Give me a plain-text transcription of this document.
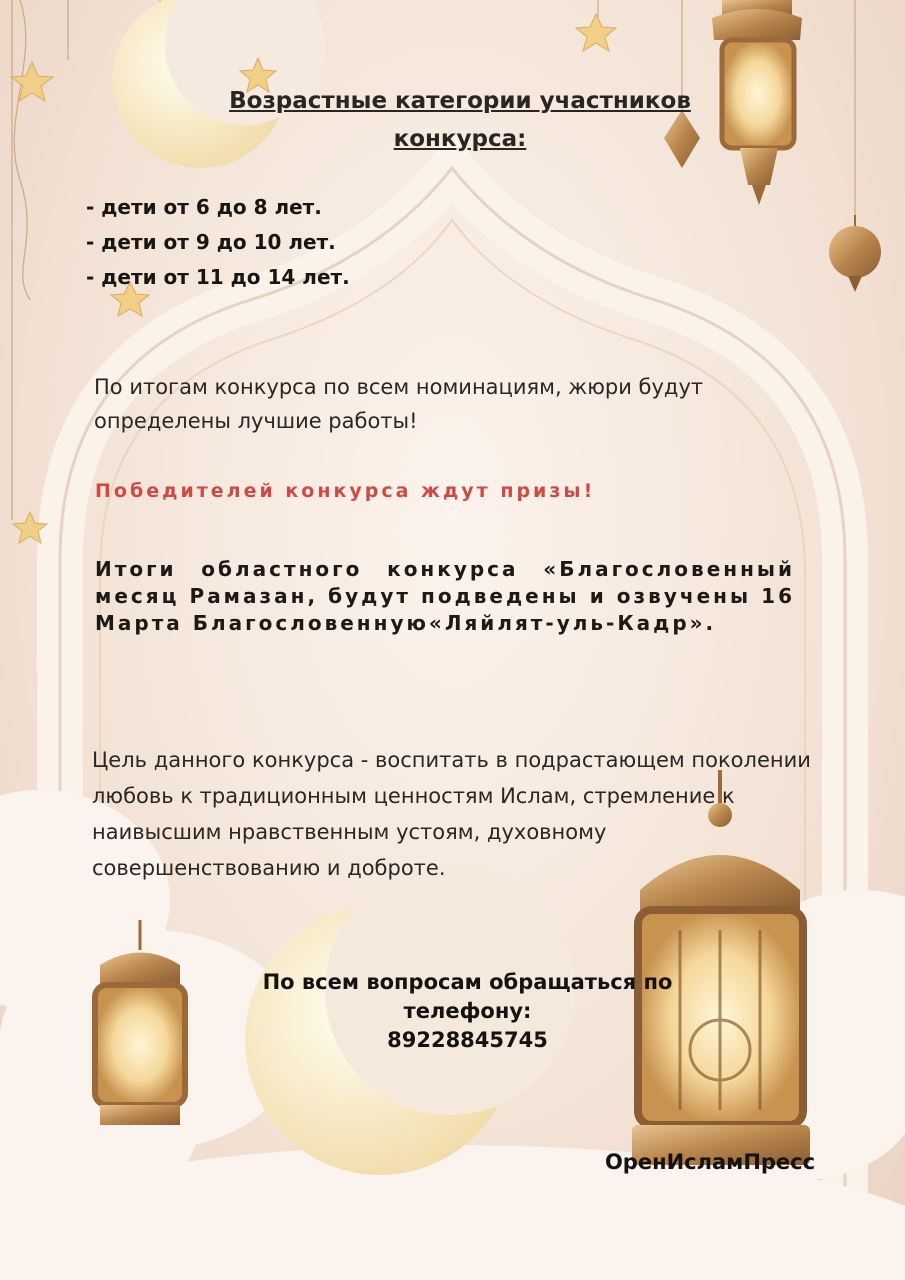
Возрастные категории участников
конкурса:
- дети от 6 до 8 лет.
- дети от 9 до 10 лет.
- дети от 11 до 14 лет.

По итогам конкурса по всем номинациям, жюри будут определены лучшие работы!

Победителей конкурса ждут призы!

Итоги областного конкурса «Благословенный месяц Рамазан, будут подведены и озвучены 16 Марта Благословенную«Ляйлят-уль-Кадр».

Цель данного конкурса - воспитать в подрастающем поколении любовь к традиционным ценностям Ислам, стремление к наивысшим нравственным устоям, духовному совершенствованию и доброте.

По всем вопросам обращаться по
телефону:
89228845745
ОренИсламПресс
